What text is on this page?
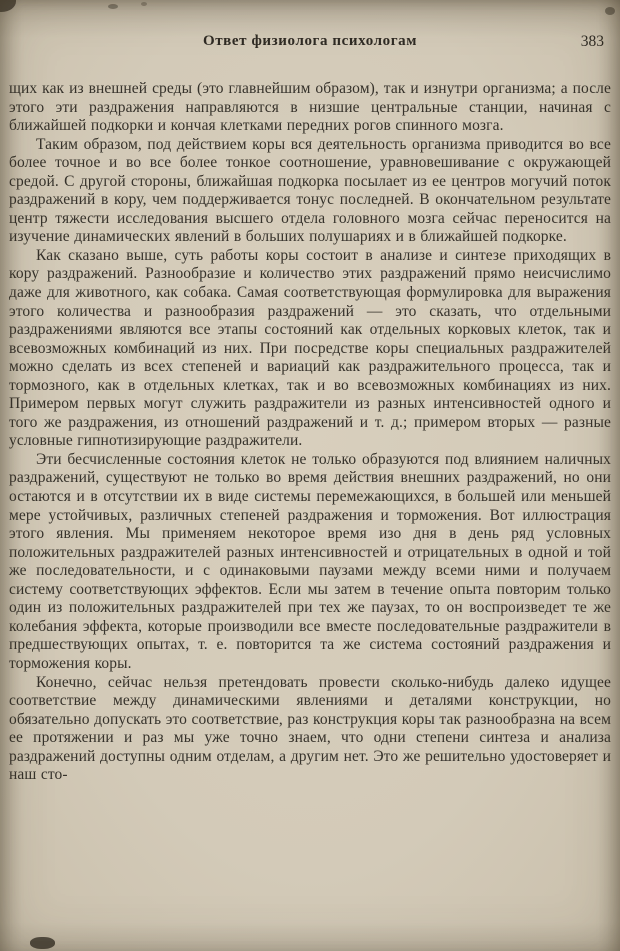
Ответ физиолога психологам	383

щих как из внешней среды (это главнейшим образом), так и изнутри организма; а после этого эти раздражения направляются в низшие центральные станции, начиная с ближайшей подкорки и кончая клетками передних рогов спинного мозга.

Таким образом, под действием коры вся деятельность организма приводится во все более точное и во все более тонкое соотношение, уравновешивание с окружающей средой. С другой стороны, ближайшая подкорка посылает из ее центров могучий поток раздражений в кору, чем поддерживается тонус последней. В окончательном результате центр тяжести исследования высшего отдела головного мозга сейчас переносится на изучение динамических явлений в больших полушариях и в ближайшей подкорке.

Как сказано выше, суть работы коры состоит в анализе и синтезе приходящих в кору раздражений. Разнообразие и количество этих раздражений прямо неисчислимо даже для животного, как собака. Самая соответствующая формулировка для выражения этого количества и разнообразия раздражений — это сказать, что отдельными раздражениями являются все этапы состояний как отдельных корковых клеток, так и всевозможных комбинаций из них. При посредстве коры специальных раздражителей можно сделать из всех степеней и вариаций как раздражительного процесса, так и тормозного, как в отдельных клетках, так и во всевозможных комбинациях из них. Примером первых могут служить раздражители из разных интенсивностей одного и того же раздражения, из отношений раздражений и т. д.; примером вторых — разные условные гипнотизирующие раздражители.

Эти бесчисленные состояния клеток не только образуются под влиянием наличных раздражений, существуют не только во время действия внешних раздражений, но они остаются и в отсутствии их в виде системы перемежающихся, в большей или меньшей мере устойчивых, различных степеней раздражения и торможения. Вот иллюстрация этого явления. Мы применяем некоторое время изо дня в день ряд условных положительных раздражителей разных интенсивностей и отрицательных в одной и той же последовательности, и с одинаковыми паузами между всеми ними и получаем систему соответствующих эффектов. Если мы затем в течение опыта повторим только один из положительных раздражителей при тех же паузах, то он воспроизведет те же колебания эффекта, которые производили все вместе последовательные раздражители в предшествующих опытах, т. е. повторится та же система состояний раздражения и торможения коры.

Конечно, сейчас нельзя претендовать провести сколько-нибудь далеко идущее соответствие между динамическими явлениями и деталями конструкции, но обязательно допускать это соответствие, раз конструкция коры так разнообразна на всем ее протяжении и раз мы уже точно знаем, что одни степени синтеза и анализа раздражений доступны одним отделам, а другим нет. Это же решительно удостоверяет и наш сто-
